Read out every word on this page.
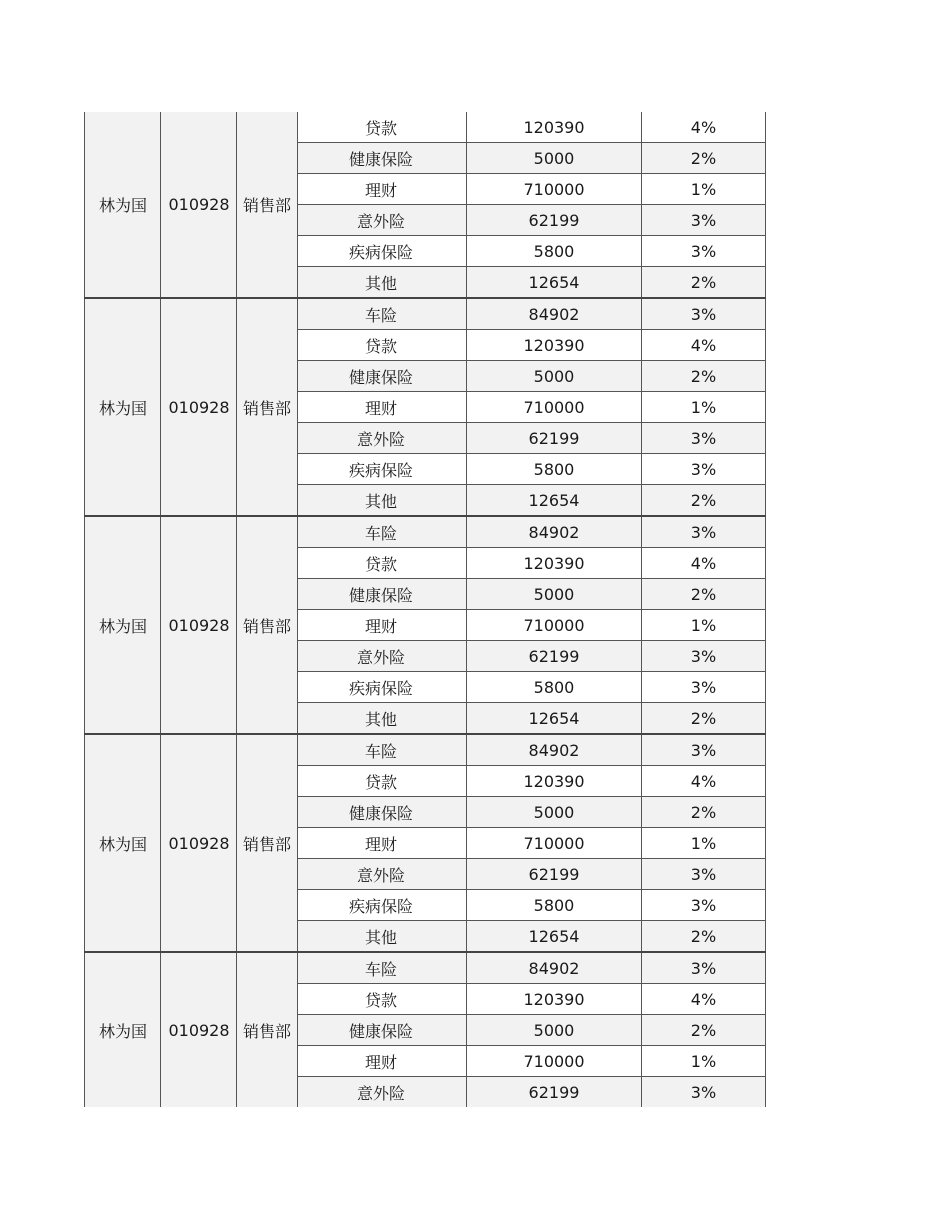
林为国	010928 销售部
贷款	120390	4%
健康保险	5000	2%
理财	710000	1%
意外险	62199	3%
疾病保险	5800	3%
其他	12654	2%
林为国	010928 销售部
车险	84902	3%
贷款	120390	4%
健康保险	5000	2%
理财	710000	1%
意外险	62199	3%
疾病保险	5800	3%
其他	12654	2%
林为国	010928 销售部
车险	84902	3%
贷款	120390	4%
健康保险	5000	2%
理财	710000	1%
意外险	62199	3%
疾病保险	5800	3%
其他	12654	2%
林为国	010928 销售部
车险	84902	3%
贷款	120390	4%
健康保险	5000	2%
理财	710000	1%
意外险	62199	3%
疾病保险	5800	3%
其他	12654	2%
林为国	010928 销售部
车险	84902	3%
贷款	120390	4%
健康保险	5000	2%
理财	710000	1%
意外险	62199	3%
